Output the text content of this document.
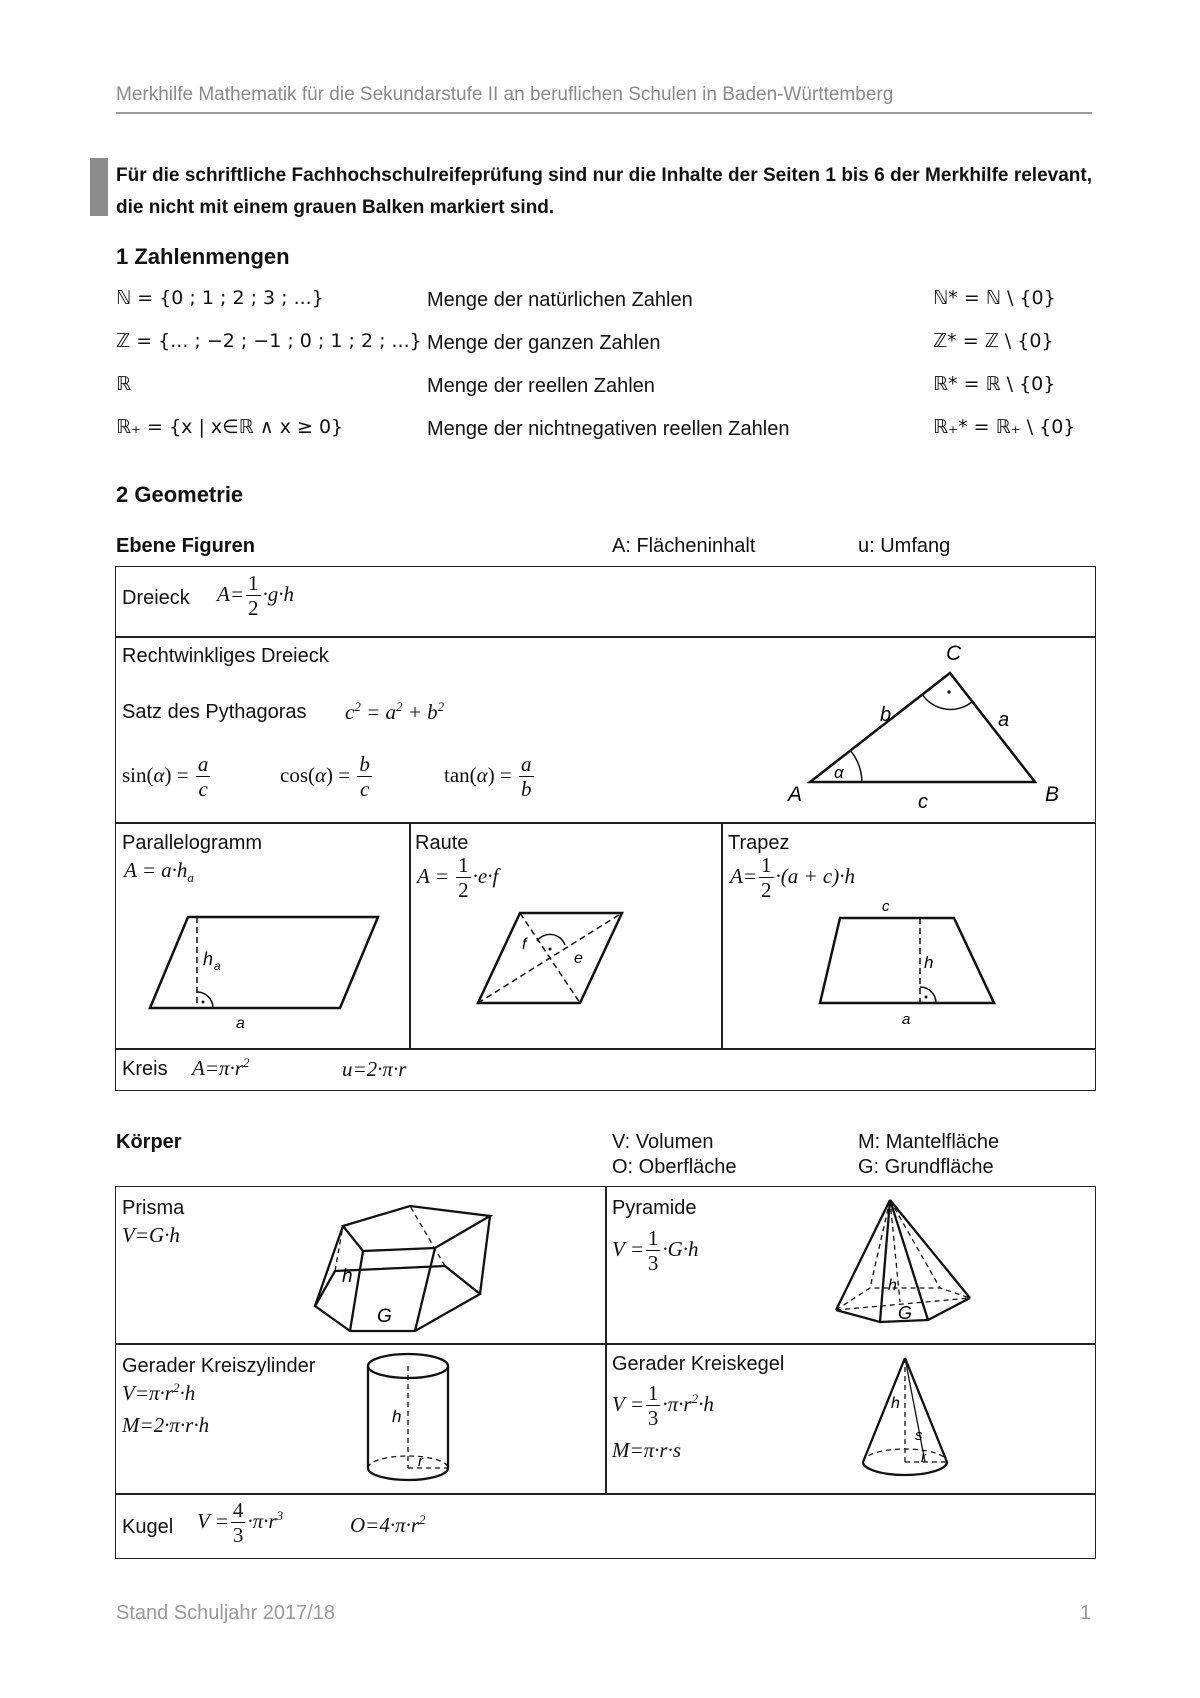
Merkhilfe Mathematik für die Sekundarstufe II an beruflichen Schulen in Baden-Württemberg
Für die schriftliche Fachhochschulreifeprüfung sind nur die Inhalte der Seiten 1 bis 6 der Merkhilfe relevant, die nicht mit einem grauen Balken markiert sind.
1 Zahlenmengen
ℕ = {0 ; 1 ; 2 ; 3 ; ...}	Menge der natürlichen Zahlen	ℕ* = ℕ \ {0}
ℤ = {... ; −2 ; −1 ; 0 ; 1 ; 2 ; ...} Menge der ganzen Zahlen	ℤ* = ℤ \ {0}
ℝ	Menge der reellen Zahlen	ℝ* = ℝ \ {0}
ℝ₊ = {x | x∈ℝ ∧ x ≥ 0}	Menge der nichtnegativen reellen Zahlen	ℝ₊* = ℝ₊ \ {0}
2 Geometrie
Ebene Figuren	A: Flächeninhalt	u: Umfang
Dreieck $A= \frac{1}{2} \cdot g\cdot h$
Rechtwinkliges Dreieck
Satz des Pythagoras $c^2 = a^2 + b^2$
$\sin(\alpha) = \frac{a}{c}$	$\cos(\alpha) = \frac{b}{c}$	$\tan(\alpha) = \frac{a}{b}$
C
b	a
A	B
c
α
Parallelogramm
$A = a\cdot h_a$
h a
a
Raute
$A = \frac{1}{2} \cdot e\cdot f$
f
e
Trapez
$A= \frac{1}{2} \cdot(a + c)\cdot h$
c
h
a
Kreis $A=\pi\cdot r^2$	u=2·π·r
Körper	V: Volumen
O: Oberfläche
M: Mantelfläche
G: Grundfläche
Prisma
V=G·h
h
G
Pyramide
$V = \frac{1}{3} \cdot G\cdot h$
h
G
Gerader Kreiszylinder
$V=\pi\cdot r^2\cdot h$
M=2·π·r·h	h
r
Gerader Kreiskegel
$V = \frac{1}{3} \cdot\pi\cdot r^2\cdot h$
M=π·r·s
h
s
r
Kugel $V = \frac{4}{3} \cdot\pi\cdot r^3$	$O=4\cdot\pi\cdot r^2$
Stand Schuljahr 2017/18	1
